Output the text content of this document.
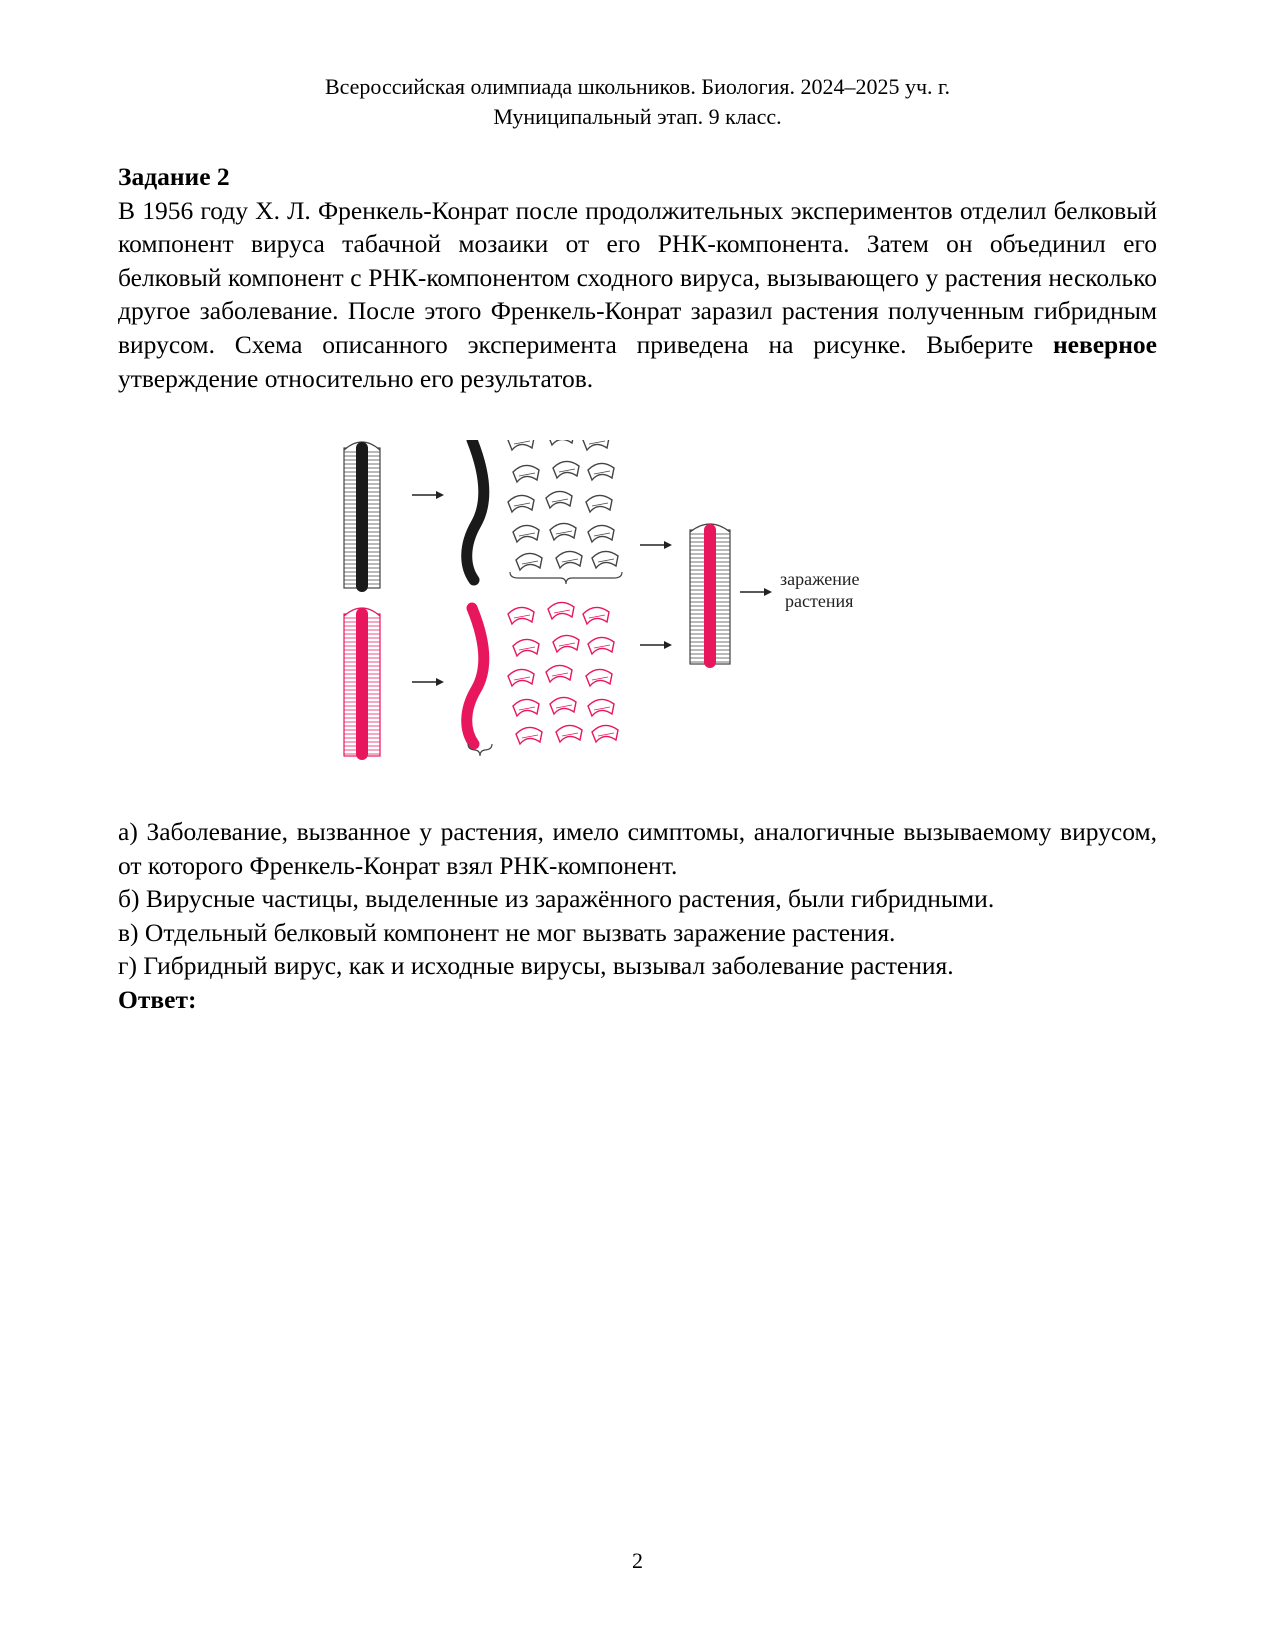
Всероссийская олимпиада школьников. Биология. 2024–2025 уч. г.
Муниципальный этап. 9 класс.
Задание 2

В 1956 году Х. Л. Френкель-Конрат после продолжительных экспериментов отделил белковый компонент вируса табачной мозаики от его РНК-компонента. Затем он объединил его белковый компонент с РНК-компонентом сходного вируса, вызывающего у растения несколько другое заболевание. После этого Френкель-Конрат заразил растения полученным гибридным вирусом. Схема описанного эксперимента приведена на рисунке. Выберите неверное утверждение относительно его результатов.

заражение
растения

а) Заболевание, вызванное у растения, имело симптомы, аналогичные вызываемому вирусом, от которого Френкель-Конрат взял РНК-компонент.

б) Вирусные частицы, выделенные из заражённого растения, были гибридными.

в) Отдельный белковый компонент не мог вызвать заражение растения.

г) Гибридный вирус, как и исходные вирусы, вызывал заболевание растения.

Ответ:

2
